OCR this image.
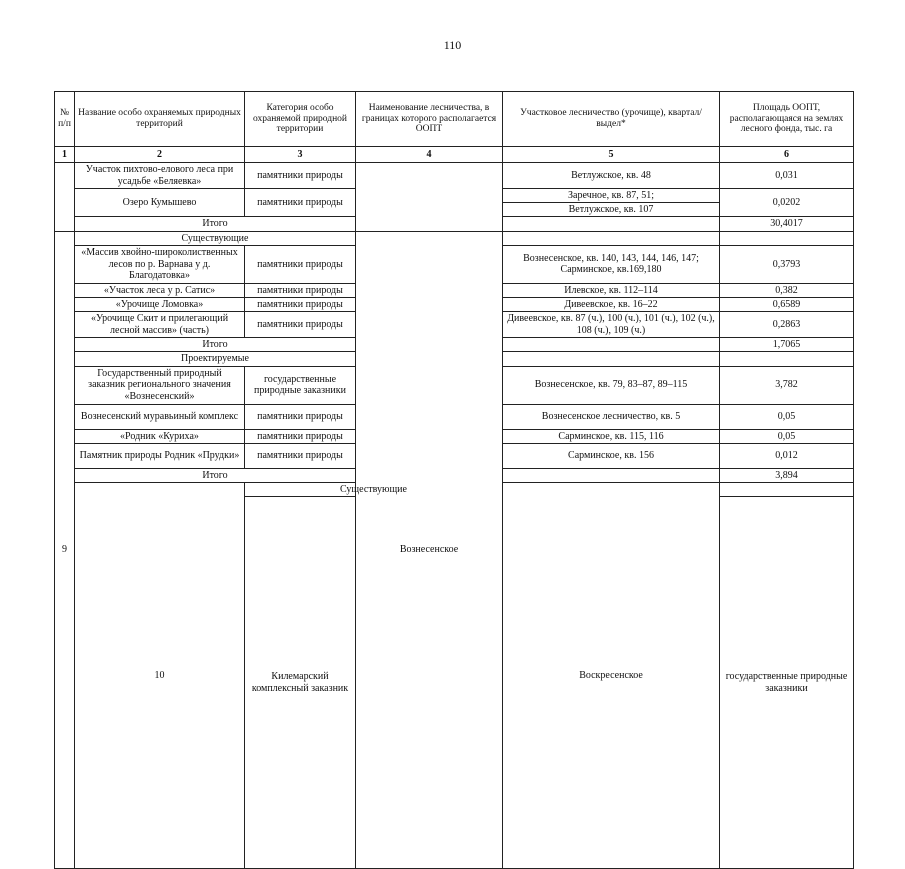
110
№ п/п	Название особо охраняемых природных территорий	Категория особо охраняемой природной территории	Наименование лесничества, в границах которого располагается ООПТ	Участковое лесничество (урочище), квартал/выдел*	Площадь ООПТ, располагающаяся на землях лесного фонда, тыс. га	
1	2	3	4	5	6	
	Участок пихтово-елового леса при усадьбе «Беляевка»	памятники природы		Ветлужское, кв. 48	0,031	
	Озеро Кумышево	памятники природы		Заречное, кв. 87, 51;	0,0202	
				Ветлужское, кв. 107		
	Итого				30,4017	
9	Существующие		Вознесенское			
	«Массив хвойно-широколиственных лесов по р. Варнава у д. Благодатовка»	памятники природы		Вознесенское, кв. 140, 143, 144, 146, 147; Сарминское, кв.169,180	0,3793	
	«Участок леса у р. Сатис»	памятники природы		Илевское, кв. 112–114	0,382	
	«Урочище Ломовка»	памятники природы		Дивеевское, кв. 16–22	0,6589	
	«Урочище Скит и прилегающий лесной массив» (часть)	памятники природы		Дивеевское, кв. 87 (ч.), 100 (ч.), 101 (ч.), 102 (ч.), 108 (ч.), 109 (ч.)	0,2863	
	Итого				1,7065	
	Проектируемые					
	Государственный природный заказник регионального значения «Вознесенский»	государственные природные заказники		Вознесенское, кв. 79, 83–87, 89–115	3,782	
	Вознесенский муравьиный комплекс	памятники природы		Вознесенское лесничество, кв. 5	0,05	
	«Родник «Курихa»	памятники природы		Сарминское, кв. 115, 116	0,05	
	Памятник природы Родник «Прудки»	памятники природы		Сарминское, кв. 156	0,012	
	Итого				3,894	
	10	Существующие		Воскресенское		
		Килемарский комплексный заказник			государственные природные заказники		
